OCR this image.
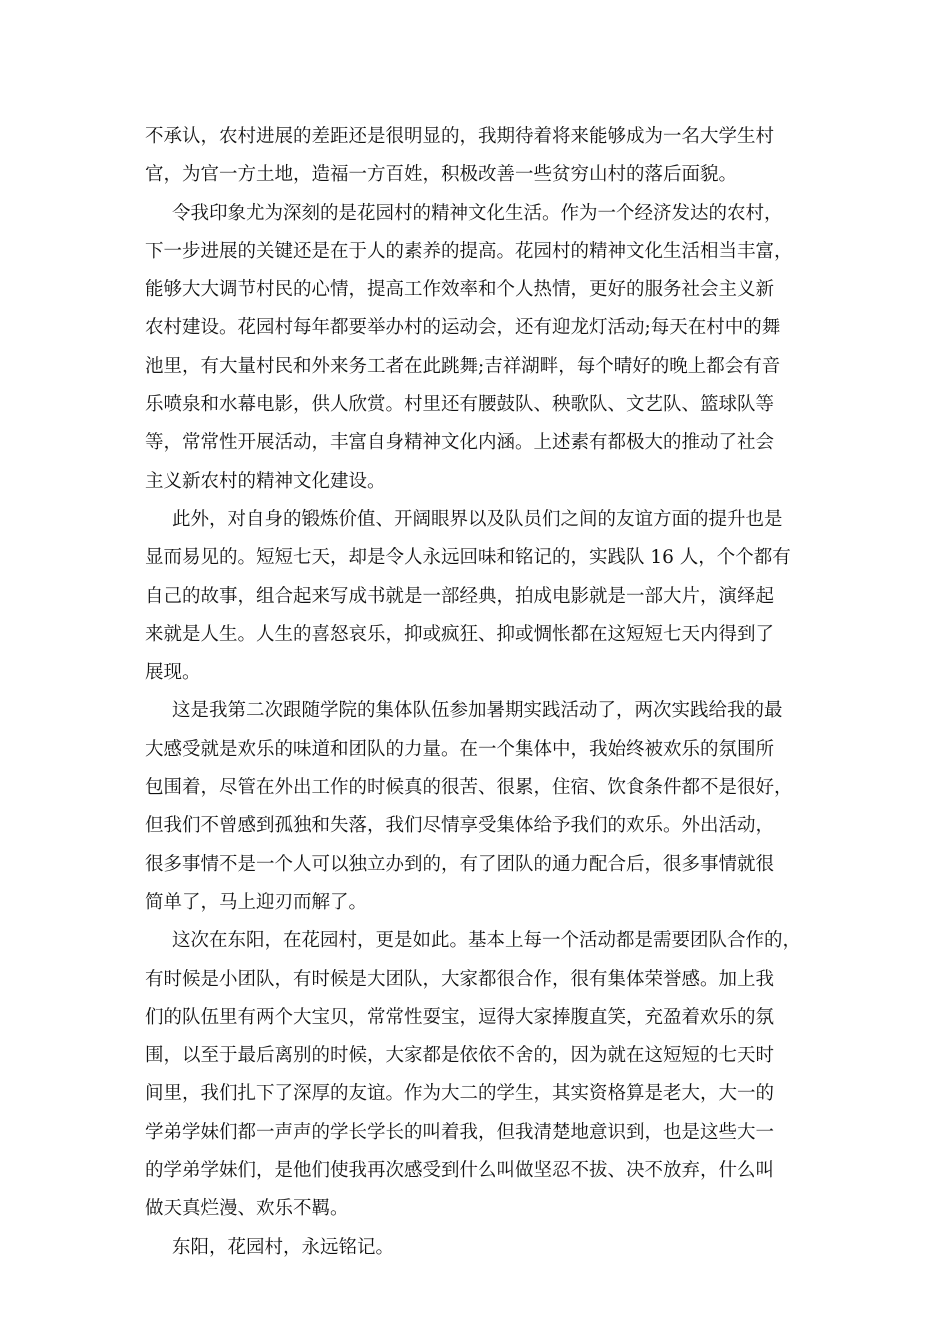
不承认，农村进展的差距还是很明显的，我期待着将来能够成为一名大学生村
官，为官一方土地，造福一方百姓，积极改善一些贫穷山村的落后面貌。
令我印象尤为深刻的是花园村的精神文化生活。作为一个经济发达的农村，
下一步进展的关键还是在于人的素养的提高。花园村的精神文化生活相当丰富，
能够大大调节村民的心情，提高工作效率和个人热情，更好的服务社会主义新
农村建设。花园村每年都要举办村的运动会，还有迎龙灯活动;每天在村中的舞
池里，有大量村民和外来务工者在此跳舞;吉祥湖畔，每个晴好的晚上都会有音
乐喷泉和水幕电影，供人欣赏。村里还有腰鼓队、秧歌队、文艺队、篮球队等
等，常常性开展活动，丰富自身精神文化内涵。上述素有都极大的推动了社会
主义新农村的精神文化建设。
此外，对自身的锻炼价值、开阔眼界以及队员们之间的友谊方面的提升也是
显而易见的。短短七天，却是令人永远回味和铭记的，实践队 16 人，个个都有
自己的故事，组合起来写成书就是一部经典，拍成电影就是一部大片，演绎起
来就是人生。人生的喜怒哀乐，抑或疯狂、抑或惆怅都在这短短七天内得到了
展现。
这是我第二次跟随学院的集体队伍参加暑期实践活动了，两次实践给我的最
大感受就是欢乐的味道和团队的力量。在一个集体中，我始终被欢乐的氛围所
包围着，尽管在外出工作的时候真的很苦、很累，住宿、饮食条件都不是很好，
但我们不曾感到孤独和失落，我们尽情享受集体给予我们的欢乐。外出活动，
很多事情不是一个人可以独立办到的，有了团队的通力配合后，很多事情就很
简单了，马上迎刃而解了。
这次在东阳，在花园村，更是如此。基本上每一个活动都是需要团队合作的，
有时候是小团队，有时候是大团队，大家都很合作，很有集体荣誉感。加上我
们的队伍里有两个大宝贝，常常性耍宝，逗得大家捧腹直笑，充盈着欢乐的氛
围，以至于最后离别的时候，大家都是依依不舍的，因为就在这短短的七天时
间里，我们扎下了深厚的友谊。作为大二的学生，其实资格算是老大，大一的
学弟学妹们都一声声的学长学长的叫着我，但我清楚地意识到，也是这些大一
的学弟学妹们，是他们使我再次感受到什么叫做坚忍不拔、决不放弃，什么叫
做天真烂漫、欢乐不羁。
东阳，花园村，永远铭记。
